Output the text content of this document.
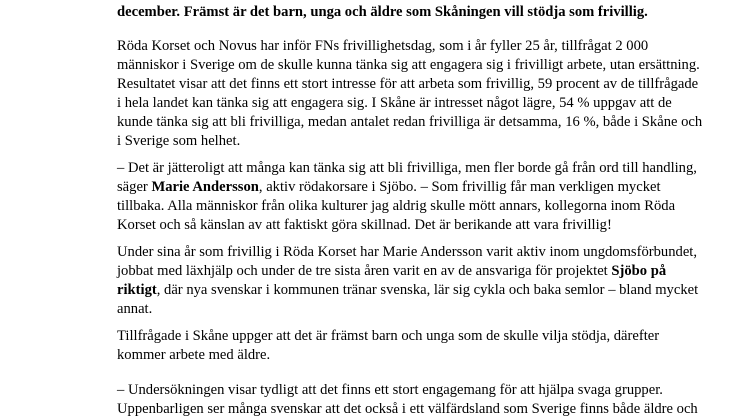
december. Främst är det barn, unga och äldre som Skåningen vill stödja som frivillig.
Röda Korset och Novus har inför FNs frivillighetsdag, som i år fyller 25 år, tillfrågat 2 000
människor i Sverige om de skulle kunna tänka sig att engagera sig i frivilligt arbete, utan ersättning.
Resultatet visar att det finns ett stort intresse för att arbeta som frivillig, 59 procent av de tillfrågade
i hela landet kan tänka sig att engagera sig. I Skåne är intresset något lägre, 54 % uppgav att de
kunde tänka sig att bli frivilliga, medan antalet redan frivilliga är detsamma, 16 %, både i Skåne och
i Sverige som helhet.
– Det är jätteroligt att många kan tänka sig att bli frivilliga, men fler borde gå från ord till handling,
säger Marie Andersson, aktiv rödakorsare i Sjöbo. – Som frivillig får man verkligen mycket
tillbaka. Alla människor från olika kulturer jag aldrig skulle mött annars, kollegorna inom Röda
Korset och så känslan av att faktiskt göra skillnad. Det är berikande att vara frivillig!
Under sina år som frivillig i Röda Korset har Marie Andersson varit aktiv inom ungdomsförbundet,
jobbat med läxhjälp och under de tre sista åren varit en av de ansvariga för projektet Sjöbo på
riktigt, där nya svenskar i kommunen tränar svenska, lär sig cykla och baka semlor – bland mycket
annat.
Tillfrågade i Skåne uppger att det är främst barn och unga som de skulle vilja stödja, därefter
kommer arbete med äldre.
– Undersökningen visar tydligt att det finns ett stort engagemang för att hjälpa svaga grupper.
Uppenbarligen ser många svenskar att det också i ett välfärdsland som Sverige finns både äldre och
